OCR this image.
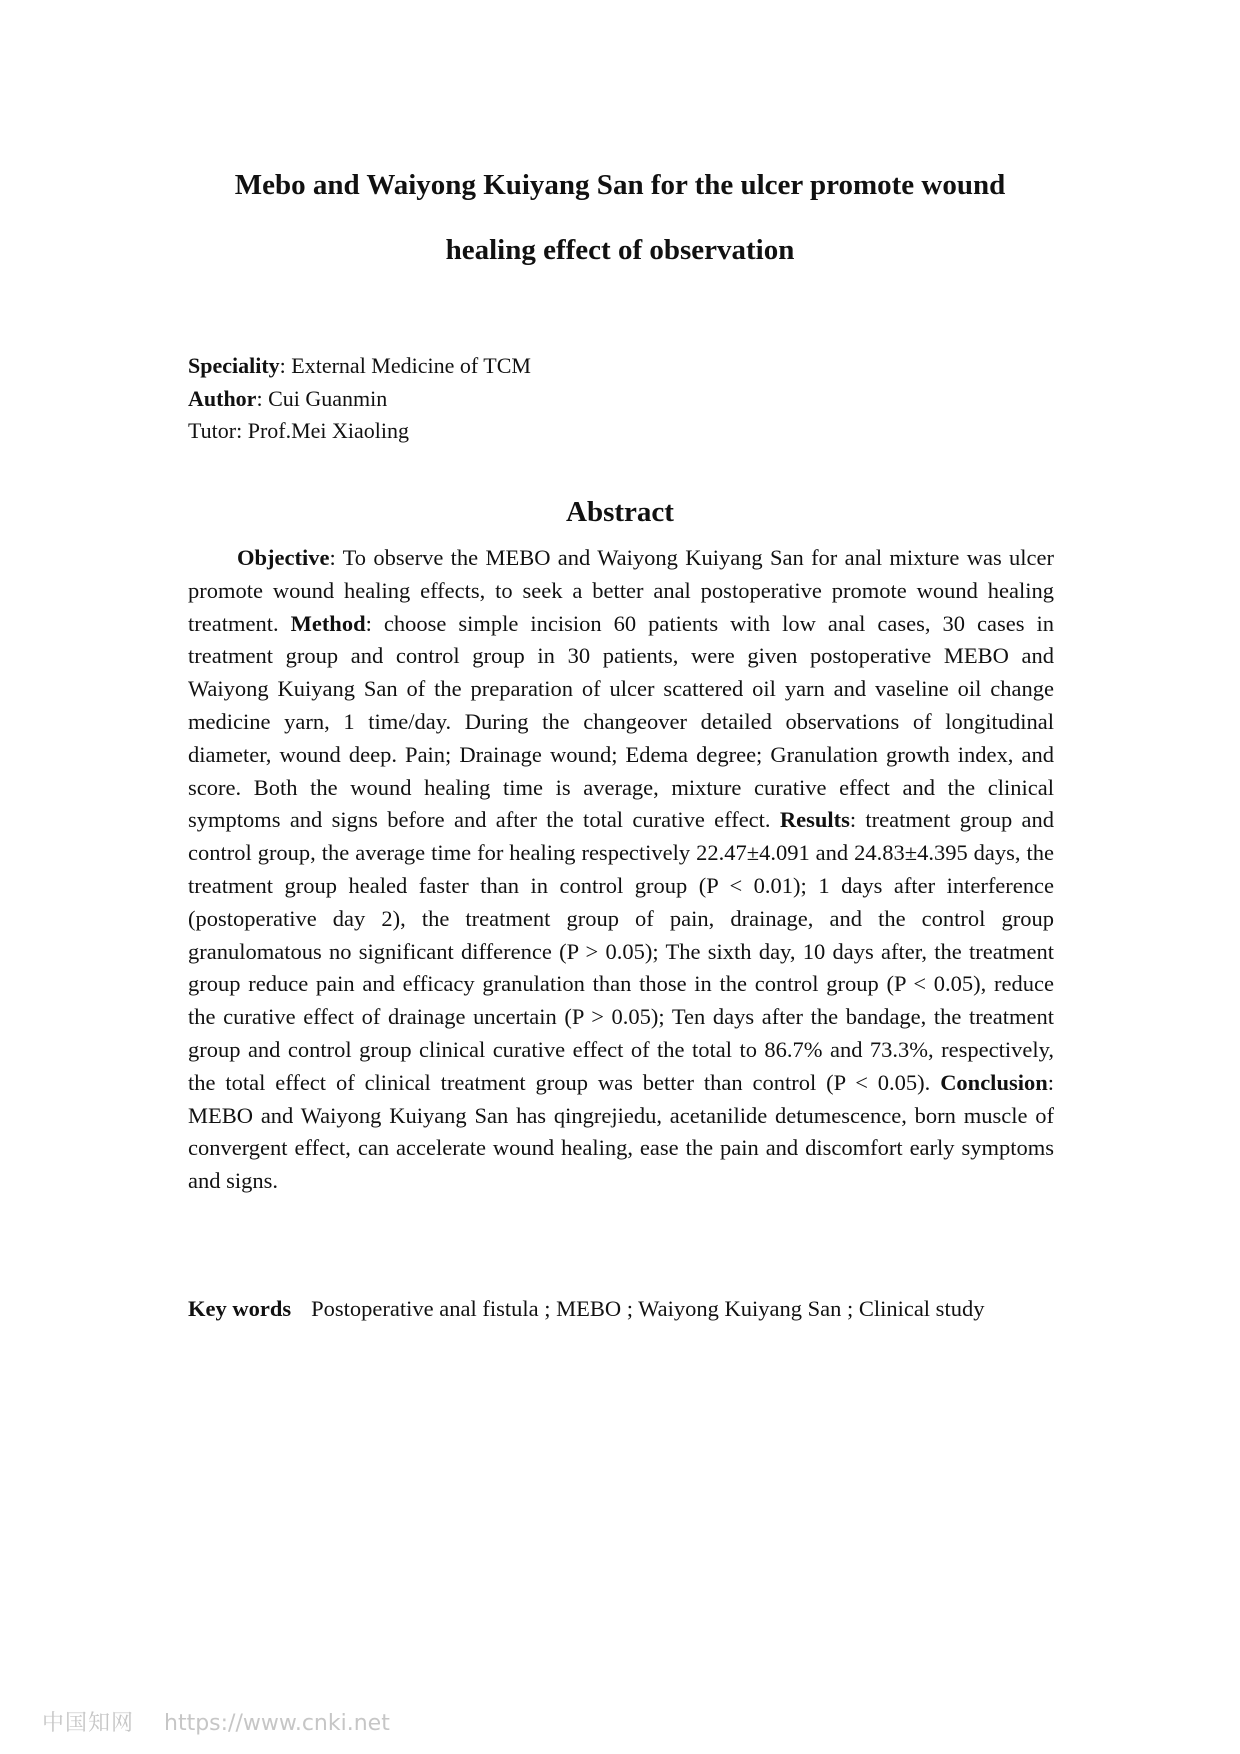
Mebo and Waiyong Kuiyang San for the ulcer promote wound
healing effect of observation
Speciality: External Medicine of TCM
Author: Cui Guanmin
Tutor: Prof.Mei Xiaoling
Abstract
Objective: To observe the MEBO and Waiyong Kuiyang San for anal mixture was ulcer promote wound healing effects, to seek a better anal postoperative promote wound healing treatment. Method: choose simple incision 60 patients with low anal cases, 30 cases in treatment group and control group in 30 patients, were given postoperative MEBO and Waiyong Kuiyang San of the preparation of ulcer scattered oil yarn and vaseline oil change medicine yarn, 1 time/day. During the changeover detailed observations of longitudinal diameter, wound deep. Pain; Drainage wound; Edema degree; Granulation growth index, and score. Both the wound healing time is average, mixture curative effect and the clinical symptoms and signs before and after the total curative effect. Results: treatment group and control group, the average time for healing respectively 22.47±4.091 and 24.83±4.395 days, the treatment group healed faster than in control group (P < 0.01); 1 days after interference (postoperative day 2), the treatment group of pain, drainage, and the control group granulomatous no significant difference (P > 0.05); The sixth day, 10 days after, the treatment group reduce pain and efficacy granulation than those in the control group (P < 0.05), reduce the curative effect of drainage uncertain (P > 0.05); Ten days after the bandage, the treatment group and control group clinical curative effect of the total to 86.7% and 73.3%, respectively, the total effect of clinical treatment group was better than control (P < 0.05). Conclusion: MEBO and Waiyong Kuiyang San has qingrejiedu, acetanilide detumescence, born muscle of convergent effect, can accelerate wound healing, ease the pain and discomfort early symptoms and signs.
Key words Postoperative anal fistula ; MEBO ; Waiyong Kuiyang San ; Clinical study
中国知网 https://www.cnki.net
